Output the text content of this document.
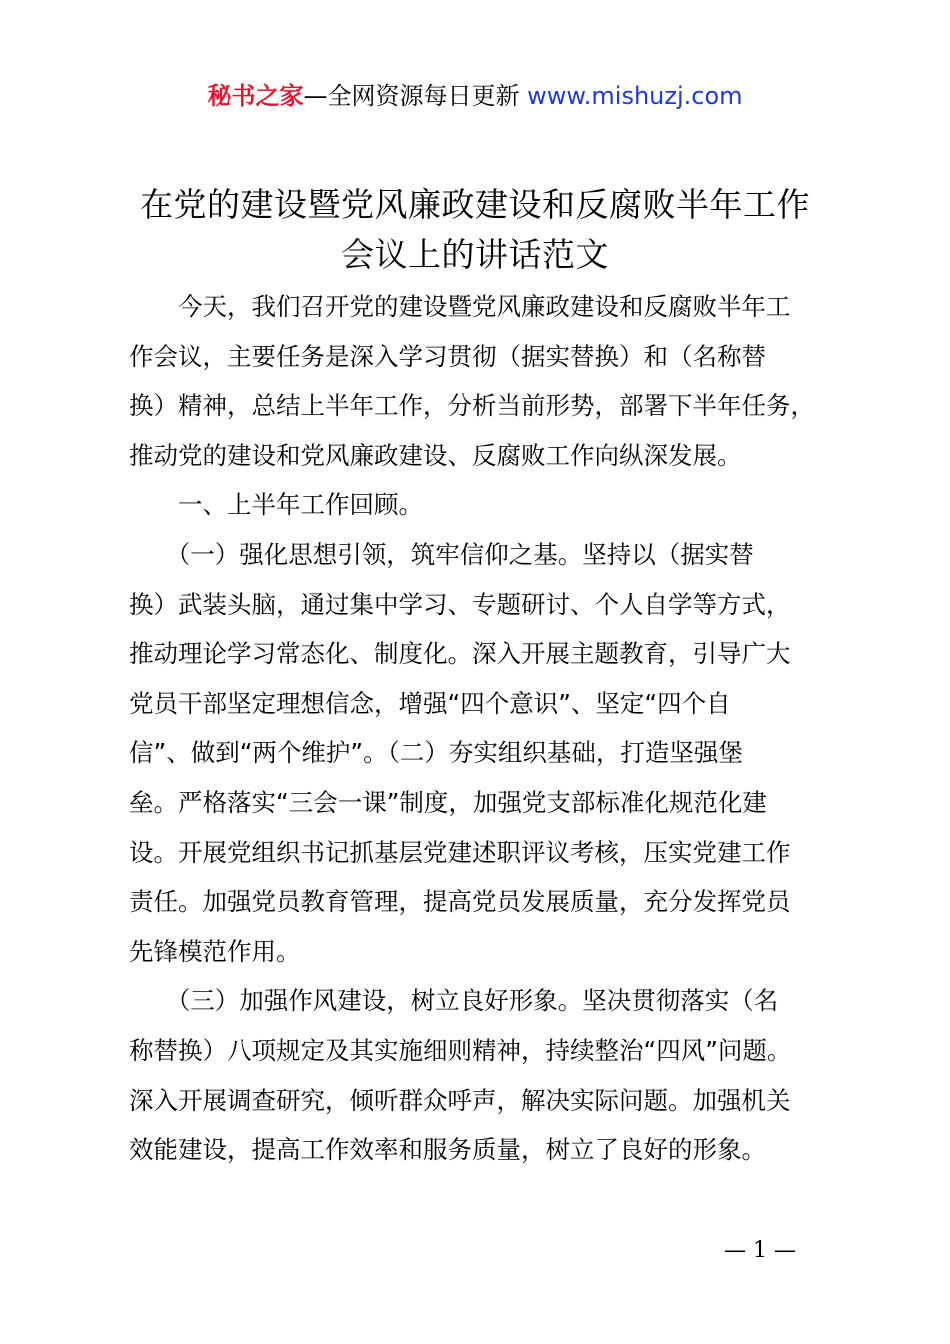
秘书之家—全网资源每日更新 www.mishuzj.com
在党的建设暨党风廉政建设和反腐败半年工作
会议上的讲话范文
　　今天，我们召开党的建设暨党风廉政建设和反腐败半年工
作会议，主要任务是深入学习贯彻（据实替换）和（名称替
换）精神，总结上半年工作，分析当前形势，部署下半年任务，
推动党的建设和党风廉政建设、反腐败工作向纵深发展。
　　一、上半年工作回顾。
　　（一）强化思想引领，筑牢信仰之基。坚持以（据实替
换）武装头脑，通过集中学习、专题研讨、个人自学等方式，
推动理论学习常态化、制度化。深入开展主题教育，引导广大
党员干部坚定理想信念，增强“四个意识”、坚定“四个自
信”、做到“两个维护”。（二）夯实组织基础，打造坚强堡
垒。严格落实“三会一课”制度，加强党支部标准化规范化建
设。开展党组织书记抓基层党建述职评议考核，压实党建工作
责任。加强党员教育管理，提高党员发展质量，充分发挥党员
先锋模范作用。
　　（三）加强作风建设，树立良好形象。坚决贯彻落实（名
称替换）八项规定及其实施细则精神，持续整治“四风”问题。
深入开展调查研究，倾听群众呼声，解决实际问题。加强机关
效能建设，提高工作效率和服务质量，树立了良好的形象。
— 1 —
